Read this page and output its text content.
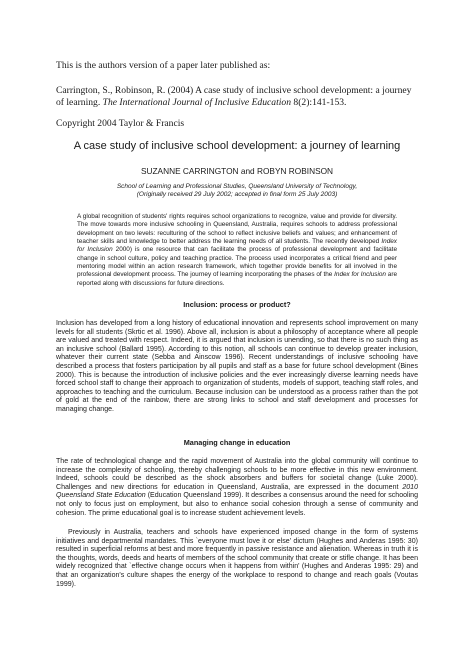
This is the authors version of a paper later published as:

Carrington, S., Robinson, R. (2004) A case study of inclusive school development: a journey of learning. The International Journal of Inclusive Education 8(2):141-153.

Copyright 2004 Taylor & Francis

A case study of inclusive school development: a journey of learning

SUZANNE CARRINGTON and ROBYN ROBINSON

School of Learning and Professional Studies, Queensland University of Technology,
(Originally received 29 July 2002; accepted in final form 25 July 2003)

A global recognition of students' rights requires school organizations to recognize, value and provide for diversity. The move towards more inclusive schooling in Queensland, Australia, requires schools to address professional development on two levels: reculturing of the school to reflect inclusive beliefs and values; and enhancement of teacher skills and knowledge to better address the learning needs of all students. The recently developed Index for Inclusion 2000) is one resource that can facilitate the process of professional development and facilitate change in school culture, policy and teaching practice. The process used incorporates a critical friend and peer mentoring model within an action research framework, which together provide benefits for all involved in the professional development process. The journey of learning incorporating the phases of the Index for Inclusion are reported along with discussions for future directions.

Inclusion: process or product?

Inclusion has developed from a long history of educational innovation and represents school improvement on many levels for all students (Skrtic et al. 1996). Above all, inclusion is about a philosophy of acceptance where all people are valued and treated with respect. Indeed, it is argued that inclusion is unending, so that there is no such thing as an inclusive school (Ballard 1995). According to this notion, all schools can continue to develop greater inclusion, whatever their current state (Sebba and Ainscow 1996). Recent understandings of inclusive schooling have described a process that fosters participation by all pupils and staff as a base for future school development (Bines 2000). This is because the introduction of inclusive policies and the ever increasingly diverse learning needs have forced school staff to change their approach to organization of students, models of support, teaching staff roles, and approaches to teaching and the curriculum. Because inclusion can be understood as a process rather than the pot of gold at the end of the rainbow, there are strong links to school and staff development and processes for managing change.

Managing change in education

The rate of technological change and the rapid movement of Australia into the global community will continue to increase the complexity of schooling, thereby challenging schools to be more effective in this new environment. Indeed, schools could be described as the shock absorbers and buffers for societal change (Luke 2000). Challenges and new directions for education in Queensland, Australia, are expressed in the document 2010 Queensland State Education (Education Queensland 1999). It describes a consensus around the need for schooling not only to focus just on employment, but also to enhance social cohesion through a sense of community and cohesion. The prime educational goal is to increase student achievement levels.

Previously in Australia, teachers and schools have experienced imposed change in the form of systems initiatives and departmental mandates. This `everyone must love it or else' dictum (Hughes and Anderas 1995: 30) resulted in superficial reforms at best and more frequently in passive resistance and alienation. Whereas in truth it is the thoughts, words, deeds and hearts of members of the school community that create or stifle change. It has been widely recognized that `effective change occurs when it happens from within' (Hughes and Anderas 1995: 29) and that an organization's culture shapes the energy of the workplace to respond to change and reach goals (Voutas 1999).
